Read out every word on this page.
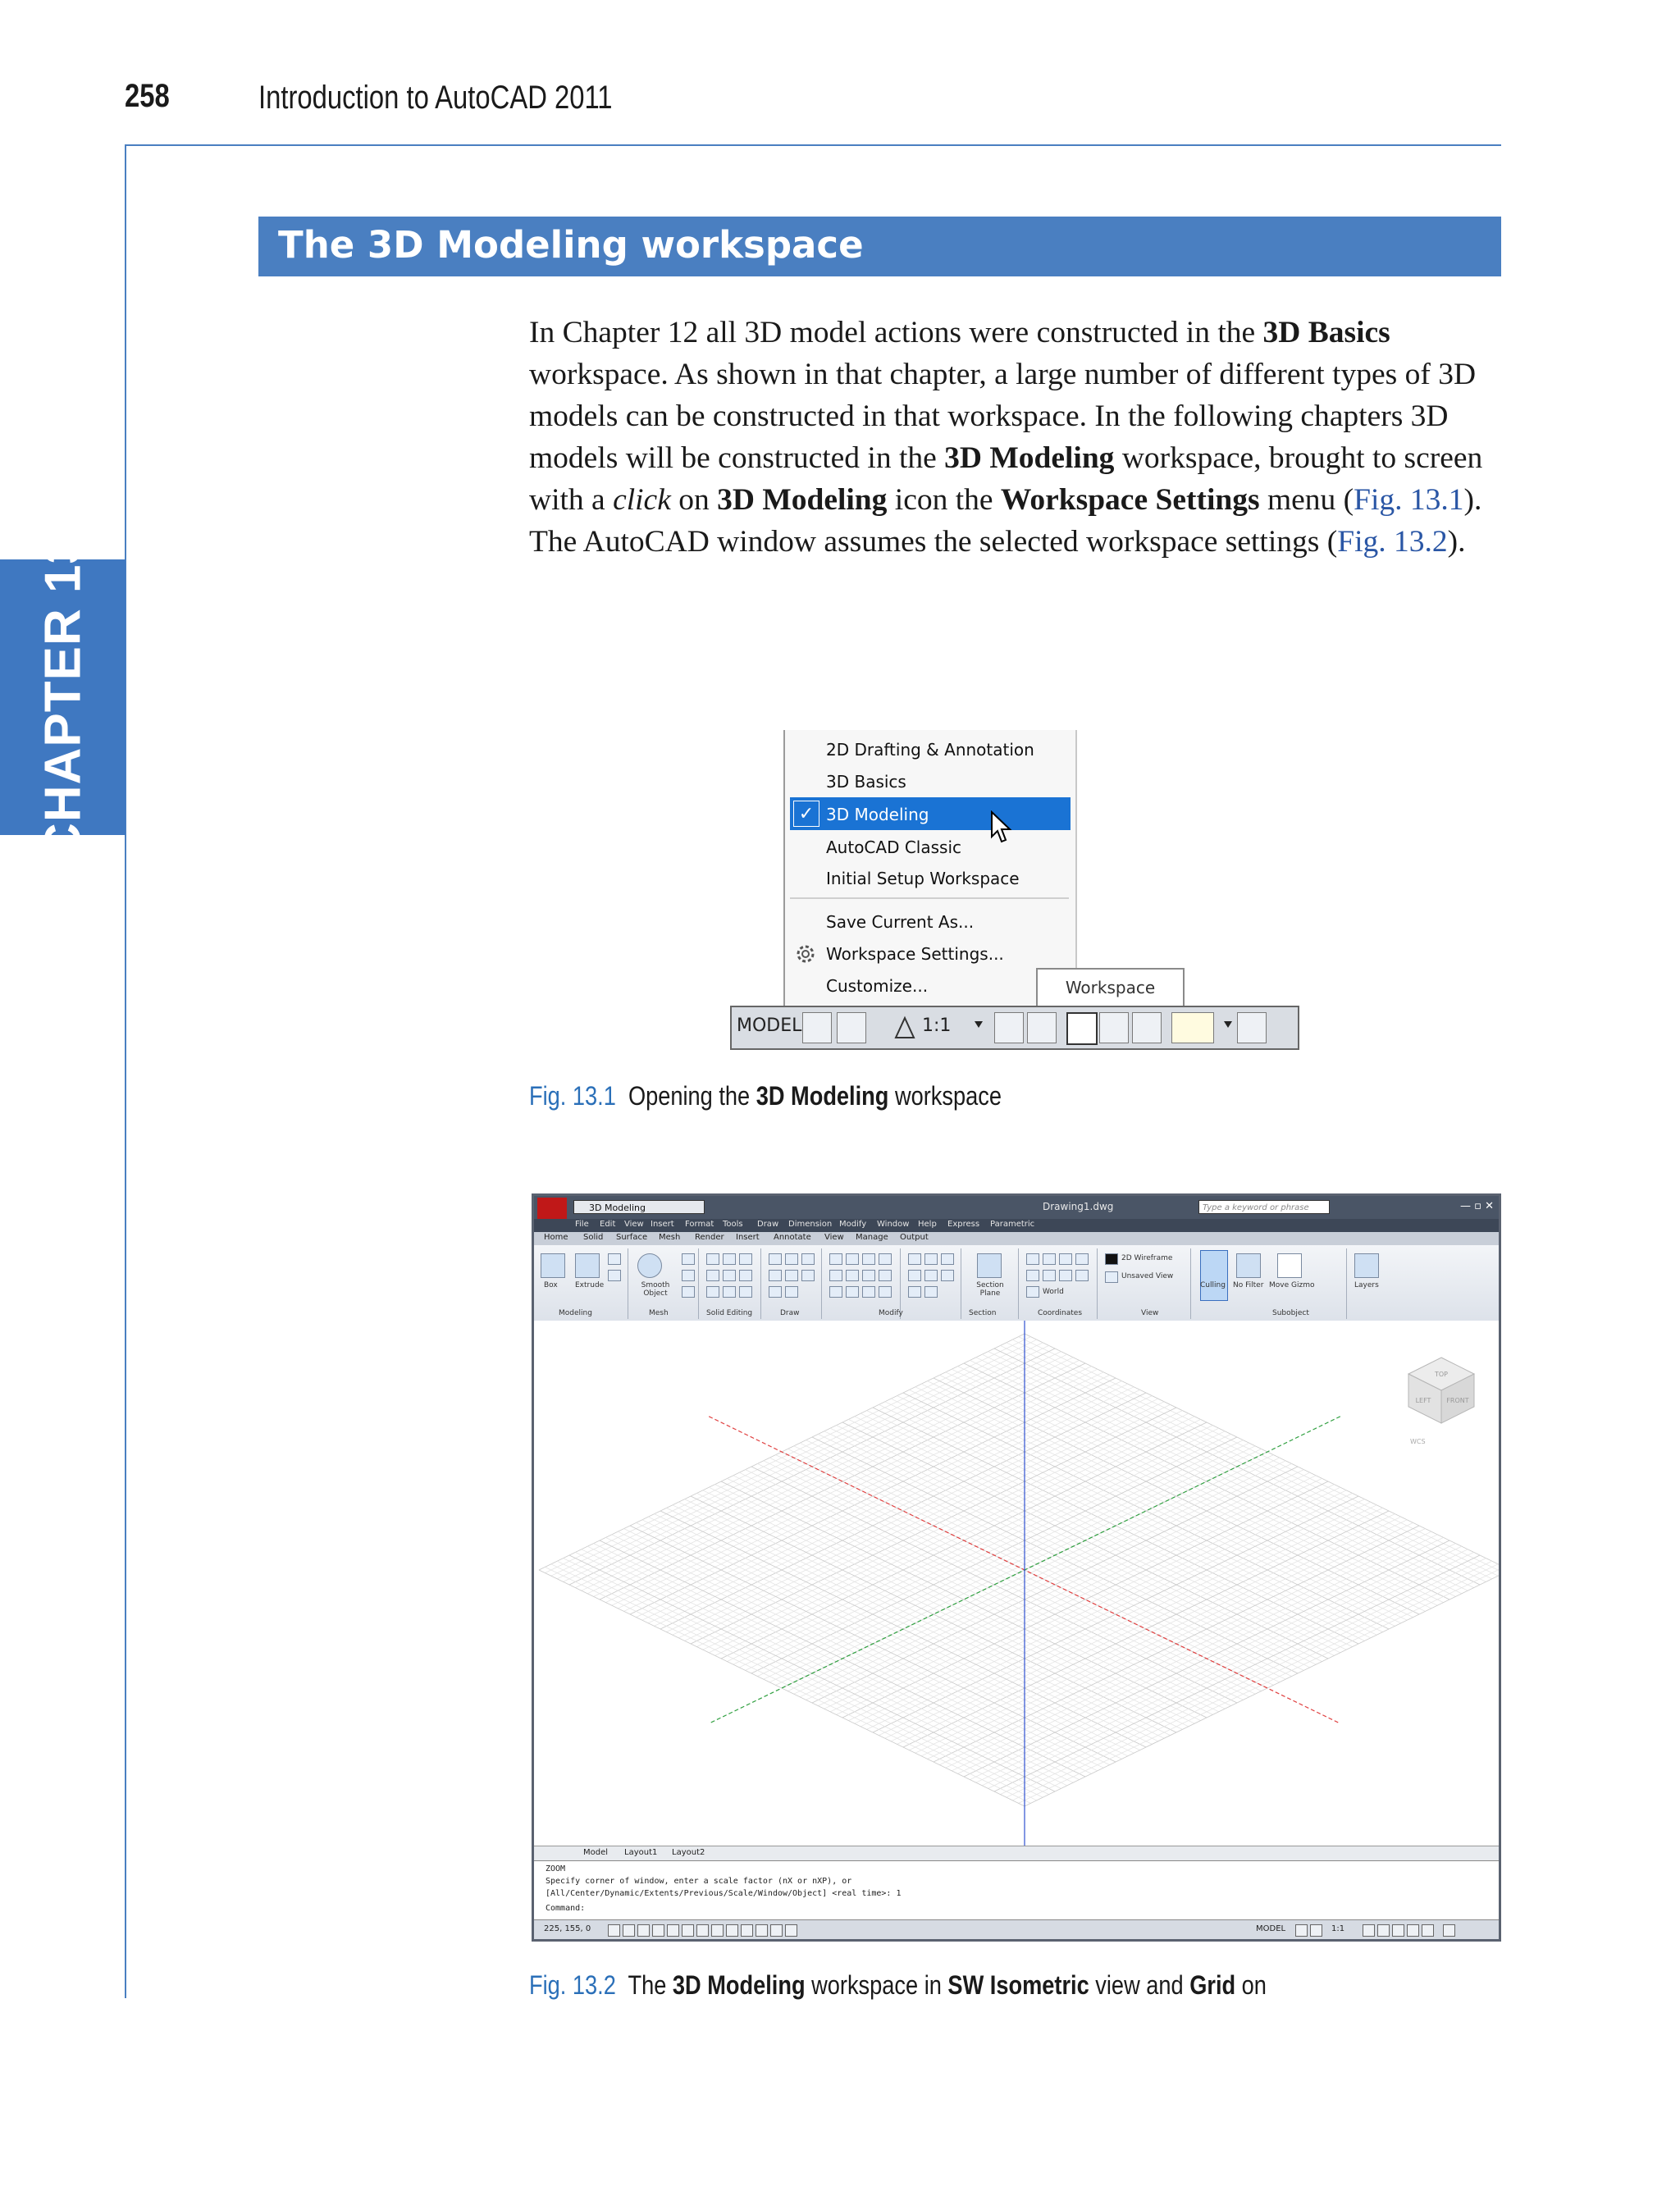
258	Introduction to AutoCAD 2011
CHAPTER 13
The 3D Modeling workspace
In Chapter 12 all 3D model actions were constructed in the 3D Basics workspace. As shown in that chapter, a large number of different types of 3D models can be constructed in that workspace. In the following chapters 3D models will be constructed in the 3D Modeling workspace, brought to screen with a click on 3D Modeling icon the Workspace Settings menu (Fig. 13.1). The AutoCAD window assumes the selected workspace settings (Fig. 13.2).
2D Drafting & Annotation
3D Basics
✓ 3D Modeling
AutoCAD Classic
Initial Setup Workspace
Save Current As...
Workspace Settings...
Customize...	Workspace
MODEL	1:1
Fig. 13.1 Opening the 3D Modeling workspace
3D Modeling	Drawing1.dwg	Type a keyword or phrase	— ▫ ✕
File Edit View Insert Format Tools Draw Dimension Modify Window Help Express Parametric
Home Solid Surface Mesh Render Insert Annotate View Manage Output
Box Extrude	Smooth Object
Section Plane	World
2D Wireframe
Unsaved View
Culling No Filter Move Gizmo	Layers
Modeling	Mesh	Solid Editing	Draw	Modify	Section	Coordinates	View	Subobject
TOP
LEFT FRONT
WCS
Model Layout1 Layout2
ZOOM
Specify corner of window, enter a scale factor (nX or nXP), or
[All/Center/Dynamic/Extents/Previous/Scale/Window/Object] <real time>: 1
Command:
225, 155, 0	MODEL	1:1
Fig. 13.2 The 3D Modeling workspace in SW Isometric view and Grid on
